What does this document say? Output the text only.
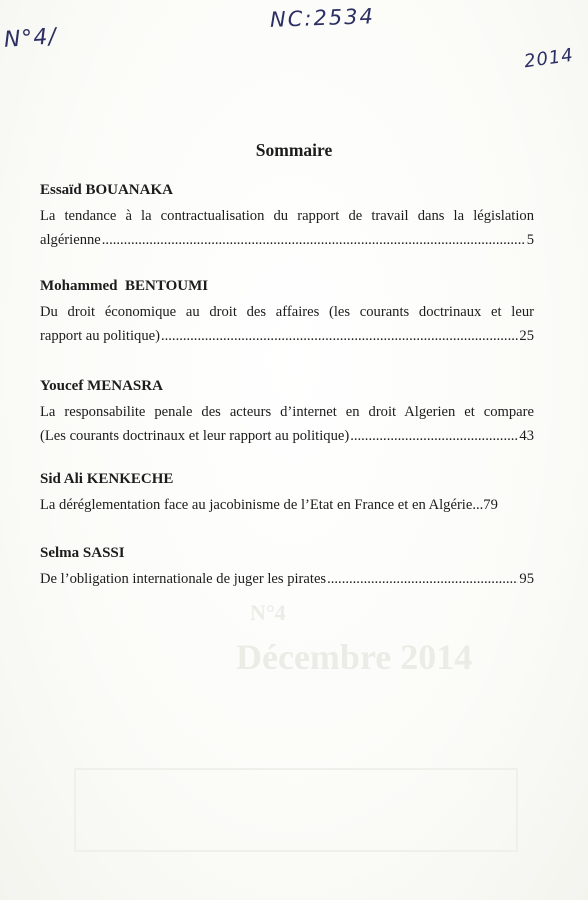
N°4
Décembre 2014
N°4/
NC:2534
2014
Sommaire
Essaïd BOUANAKA
La tendance à la contractualisation du rapport de travail dans la législation
algérienne .....	5
Mohammed  BENTOUMI
Du droit économique au droit des affaires (les courants doctrinaux et leur
rapport au politique) .....	25
Youcef MENASRA
La responsabilite penale des acteurs d’internet en droit Algerien et compare
(Les courants doctrinaux et leur rapport au politique) .....	43
Sid Ali KENKECHE
La déréglementation face au jacobinisme de l’Etat en France et en Algérie... 79
Selma SASSI
De l’obligation internationale de juger les pirates .....	95
